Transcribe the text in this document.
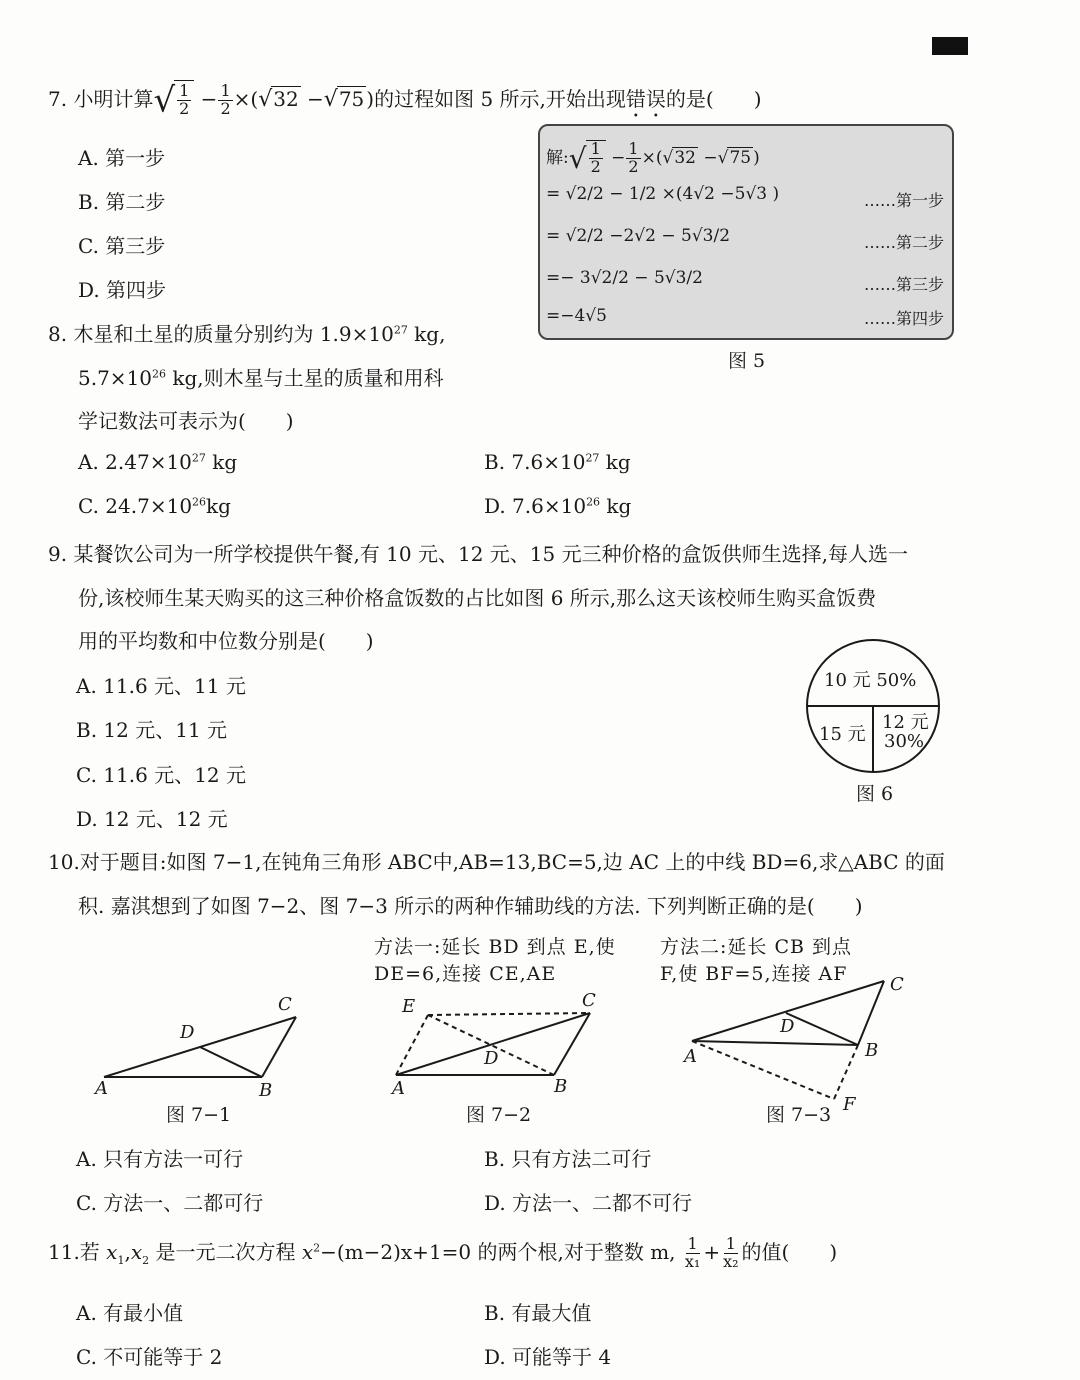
7. 小明计算√ $\frac{1}{2} - \frac{1}{2} \times(√32 -√75$ )的过程如图 5 所示,开始出现错误的是(　　)
A. 第一步
B. 第二步
C. 第三步
D. 第四步
解:√ $\frac{1}{2} - \frac{1}{2} \times(√32 -√75$ )
= √2/2 − 1/2 ×(4√2 −5√3 )	……第一步
= √2/2 −2√2 − 5√3/2	……第二步
=− 3√2/2 − 5√3/2	……第三步
=−4√5	……第四步
图 5
8. 木星和土星的质量分别约为 $1.9\times 10^{27}$ kg,
$5.7\times 10^{26}$ kg,则木星与土星的质量和用科
学记数法可表示为(　　)
A. $2.47\times 10^{27}$ kg	B. $7.6\times 10^{27}$ kg
C. $24.7\times 10^{26}kg$	D. $7.6\times 10^{26}$ kg
9. 某餐饮公司为一所学校提供午餐,有 10 元、12 元、15 元三种价格的盒饭供师生选择,每人选一
份,该校师生某天购买的这三种价格盒饭数的占比如图 6 所示,那么这天该校师生购买盒饭费
用的平均数和中位数分别是(　　)
A. 11.6 元、11 元
B. 12 元、11 元
C. 11.6 元、12 元
D. 12 元、12 元
10 元 50%
15 元
12 元
30%
图 6
10.对于题目:如图 7−1,在钝角三角形 ABC中,AB=13,BC=5,边 AC 上的中线 BD=6,求△ABC 的面
积. 嘉淇想到了如图 7−2、图 7−3 所示的两种作辅助线的方法. 下列判断正确的是(　　)
方法一:延长 BD 到点 E,使
DE=6,连接 CE,AE
方法二:延长 CB 到点
F,使 BF=5,连接 AF
A	B
C
D
图 7−1
A	B
C
D
E
图 7−2
A	B
C
D
F
图 7−3
A. 只有方法一可行	B. 只有方法二可行
C. 方法一、二都可行	D. 方法一、二都不可行
11.若 $x_1,x_2$ 是一元二次方程 $x^2-(m-2)x+1=0$ 的两个根,对于整数 m, $\frac{1}{\text{x₁}} + \frac{1}{\text{x₂}}$ 的值(　　)
A. 有最小值	B. 有最大值
C. 不可能等于 2	D. 可能等于 4
